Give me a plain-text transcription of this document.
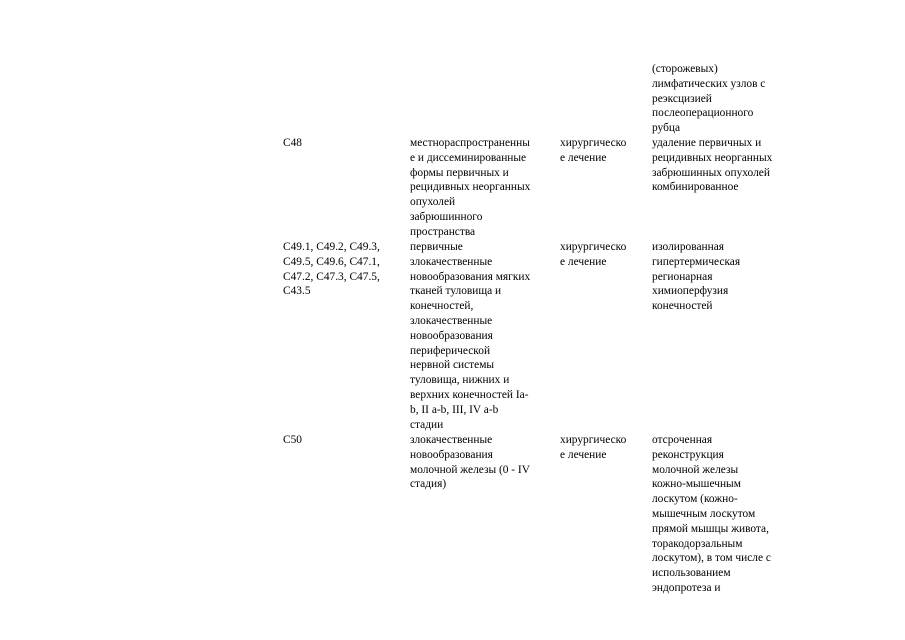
(сторожевых)
лимфатических узлов с
реэксцизией
послеоперационного
рубца
C48	местнораспространенны
е и диссеминированные
формы первичных и
рецидивных неорганных
опухолей
забрюшинного
пространства
хирургическо
е лечение
удаление первичных и
рецидивных неорганных
забрюшинных опухолей
комбинированное
C49.1, C49.2, C49.3,
C49.5, C49.6, C47.1,
C47.2, C47.3, C47.5,
C43.5
первичные
злокачественные
новообразования мягких
тканей туловища и
конечностей,
злокачественные
новообразования
периферической
нервной системы
туловища, нижних и
верхних конечностей Ia-
b, II a-b, III, IV a-b
стадии
хирургическо
е лечение
изолированная
гипертермическая
регионарная
химиоперфузия
конечностей
C50	злокачественные
новообразования
молочной железы (0 - IV
стадия)
хирургическо
е лечение
отсроченная
реконструкция
молочной железы
кожно-мышечным
лоскутом (кожно-
мышечным лоскутом
прямой мышцы живота,
торакодорзальным
лоскутом), в том числе с
использованием
эндопротеза и
